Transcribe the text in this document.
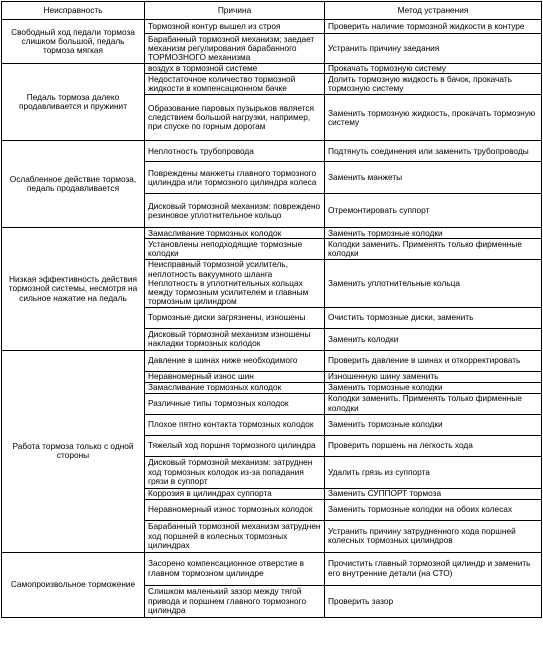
Неисправность	Причина	Метод устранения
Свободный ход педали тормоза слишком большой, педаль тормоза мягкая	Тормозной контур вышел из строя	Проверить наличие тормозной жидкости в контуре
	Барабанный тормозной механизм; заедает механизм регулирования барабанного ТОРМОЗНОГО механизма	Устранить причину заедания
Педаль тормоза далеко продавливается и пружинит	воздух в тормозной системе	Прокачать тормозную систему
	Недостаточное количество тормозной жидкости в компенсационном бачке	Долить тормозную жидкость в бачок, прокачать тормозную систему
	Образование паровых пузырьков является следствием большой нагрузки, например, при спуске по горным дорогам	Заменить тормозную жидкость, прокачать тормозную систему
Ослабленное действие тормоза, педаль продавливается	Неплотность трубопровода	Подтянуть соединения или заменить трубопроводы
	Повреждены манжеты главного тормозного цилиндра или тормозного цилиндра колеса	Заменить манжеты
	Дисковый тормозной механизм: повреждено резиновое уплотнительное кольцо	Отремонтировать суппорт
Низкая эффективность действия тормозной системы, несмотря на сильное нажатие на педаль	Замасливание тормозных колодок	Заменить тормозные колодки
	Установлены неподходящие тормозные колодки	Колодки заменить. Применять только фирменные колодки
	Неисправный тормозной усилитель, неплотность вакуумного шланга Неплотность в уплотнительных кольцах между тормозным усилителем и главным тормозным цилиндром	Заменить уплотнительные кольца
	Тормозные диски загрязнены, изношены	Очистить тормозные диски, заменить
	Дисковый тормозной механизм изношены накладки тормозных колодок	Заменить колодки
Работа тормоза только с одной стороны	Давление в шинах ниже необходимого	Проверить давление в шинах и откорректировать
	Неравномерный износ шин	Изношенную шину заменить
	Замасливание тормозных колодок	Заменить тормозные колодки
	Различные типы тормозных колодок	Колодки заменить. Применять только фирменные колодки
	Плохое пятно контакта тормозных колодок	Заменить тормозные колодки
	Тяжелый ход поршня тормозного цилиндра	Проверить поршень на легкость хода
	Дисковый тормозной механизм: затруднен ход тормозных колодок из-за попадания грязи в суппорт	Удалить грязь из суппорта
	Коррозия в цилиндрах суппорта	Заменить СУППОРТ тормоза
	Неравномерный износ тормозных колодок	Заменить тормозные колодки на обоих колесах
	Барабанный тормозной механизм затруднен ход поршней в колесных тормозных цилиндрах	Устранить причину затрудненного хода поршней колесных тормозных цилиндров
Самопроизвольное торможение	Засорено компенсационное отверстие в главном тормозном цилиндре	Прочистить главный тормозной цилиндр и заменить его внутренние детали (на СТО)
	Слишком маленький зазор между тягой привода и поршнем главного тормозного цилиндра	Проверить зазор
